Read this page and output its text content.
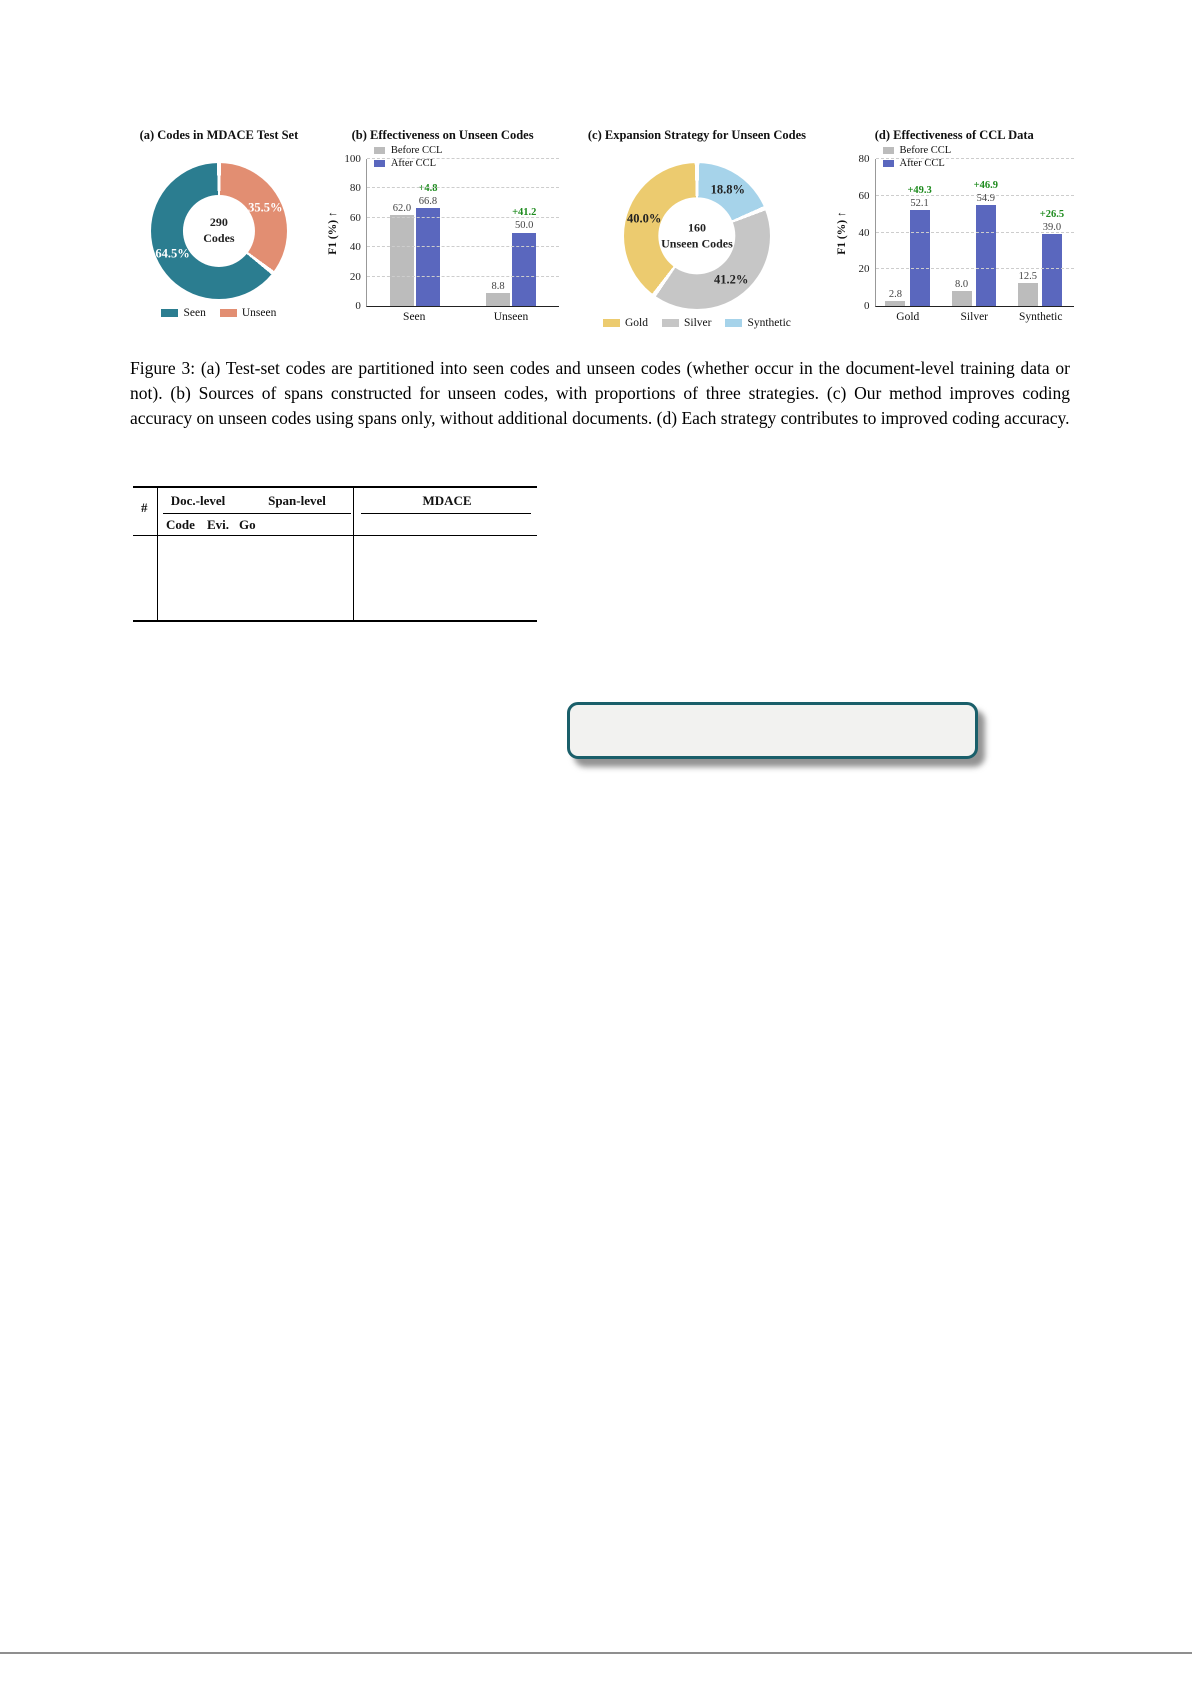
(a) Codes in MDACE Test Set
290
Codes
35.5%
64.5%
Seen	Unseen
(b) Effectiveness on Unseen Codes
F1 (%) ↑
0
20
40
60
80
100
Before CCL
After CCL
62.0
+4.8
66.8
8.8
+41.2
50.0
Seen	Unseen
(c) Expansion Strategy for Unseen Codes
160
Unseen Codes
18.8%
41.2%
40.0%
Gold	Silver	Synthetic
(d) Effectiveness of CCL Data
F1 (%) ↑
0
20
40
60
80
Before CCL
After CCL
2.8
+49.3
52.1
8.0
+46.9
54.9
12.5
+26.5
39.0
Gold	Silver	Synthetic

Figure 3: (a) Test-set codes are partitioned into seen codes and unseen codes (whether occur in the document-level training data or not). (b) Sources of spans constructed for unseen codes, with proportions of three strategies. (c) Our method improves coding accuracy on unseen codes using spans only, without additional documents. (d) Each strategy contributes to improved coding accuracy.

#	Doc.-level	Span-level	MDACE
Code Evi. Go
